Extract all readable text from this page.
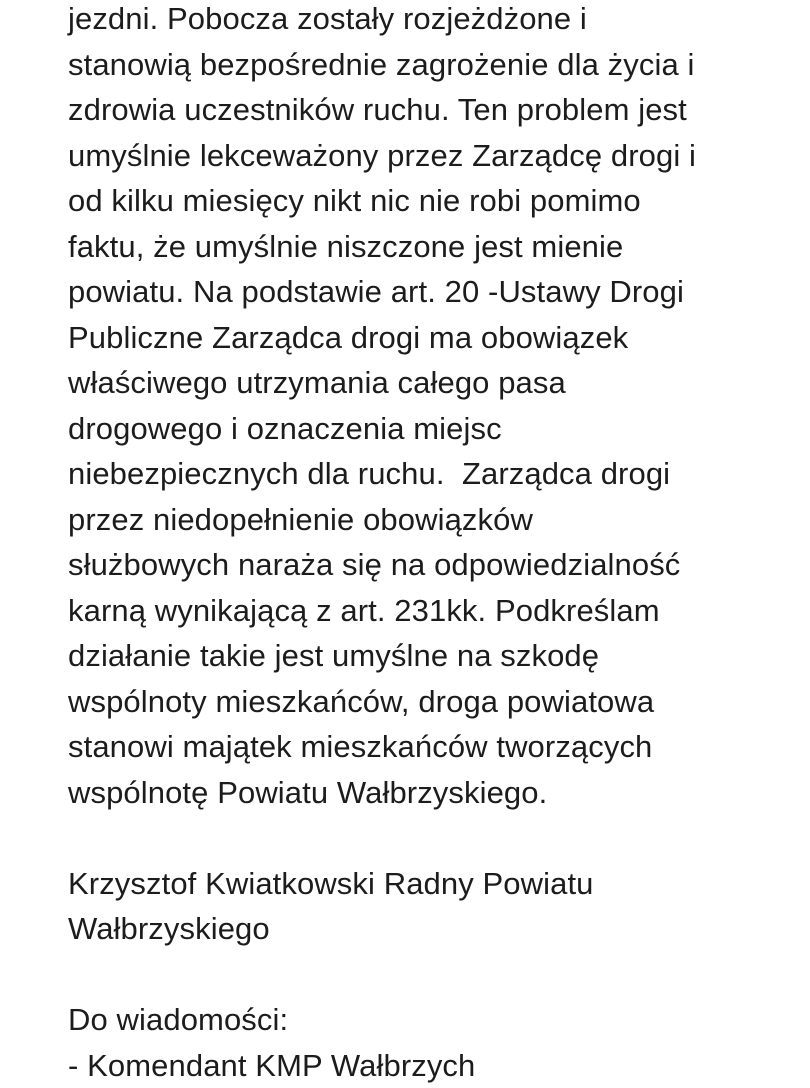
jezdni. Pobocza zostały rozjeżdżone i
stanowią bezpośrednie zagrożenie dla życia i
zdrowia uczestników ruchu. Ten problem jest
umyślnie lekceważony przez Zarządcę drogi i
od kilku miesięcy nikt nic nie robi pomimo
faktu, że umyślnie niszczone jest mienie
powiatu. Na podstawie art. 20 -Ustawy Drogi
Publiczne Zarządca drogi ma obowiązek
właściwego utrzymania całego pasa
drogowego i oznaczenia miejsc
niebezpiecznych dla ruchu.  Zarządca drogi
przez niedopełnienie obowiązków
służbowych naraża się na odpowiedzialność
karną wynikającą z art. 231kk. Podkreślam
działanie takie jest umyślne na szkodę
wspólnoty mieszkańców, droga powiatowa
stanowi majątek mieszkańców tworzących
wspólnotę Powiatu Wałbrzyskiego.
Krzysztof Kwiatkowski Radny Powiatu
Wałbrzyskiego
Do wiadomości:
- Komendant KMP Wałbrzych
